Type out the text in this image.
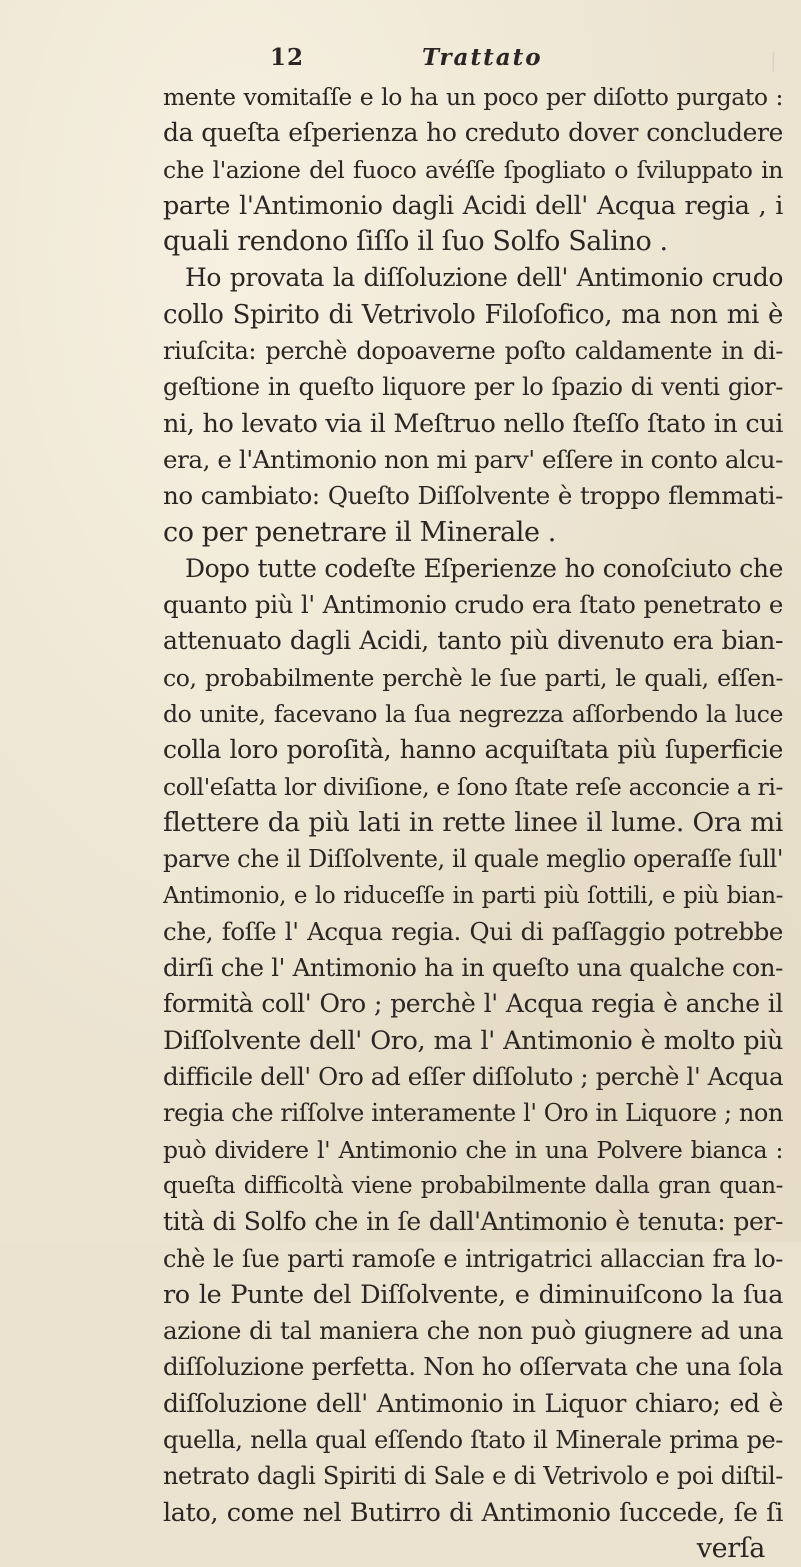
|
12	Trattato
mente vomitaſſe e lo ha un poco per diſotto purgato :
da queſta eſperienza ho creduto dover concludere
che l'azione del fuoco avéſſe ſpogliato o ſviluppato in
parte l'Antimonio dagli Acidi dell' Acqua regia , i
quali rendono ſiſſo il ſuo Solfo Salino .
Ho provata la diſſoluzione dell' Antimonio crudo
collo Spirito di Vetrivolo Filoſofico, ma non mi è
riuſcita: perchè dopoaverne poſto caldamente in di-
geſtione in queſto liquore per lo ſpazio di venti gior-
ni, ho levato via il Meſtruo nello ſteſſo ſtato in cui
era, e l'Antimonio non mi parv' eſſere in conto alcu-
no cambiato: Queſto Diſſolvente è troppo flemmati-
co per penetrare il Minerale .
Dopo tutte codeſte Eſperienze ho conoſciuto che
quanto più l' Antimonio crudo era ſtato penetrato e
attenuato dagli Acidi, tanto più divenuto era bian-
co, probabilmente perchè le ſue parti, le quali, eſſen-
do unite, facevano la ſua negrezza aſſorbendo la luce
colla loro poroſità, hanno acquiſtata più ſuperficie
coll'eſatta lor diviſione, e ſono ſtate reſe acconcie a ri-
flettere da più lati in rette linee il lume. Ora mi
parve che il Diſſolvente, il quale meglio operaſſe ſull'
Antimonio, e lo riduceſſe in parti più ſottili, e più bian-
che, foſſe l' Acqua regia. Qui di paſſaggio potrebbe
dirſi che l' Antimonio ha in queſto una qualche con-
formità coll' Oro ; perchè l' Acqua regia è anche il
Diſſolvente dell' Oro, ma l' Antimonio è molto più
difficile dell' Oro ad eſſer diſſoluto ; perchè l' Acqua
regia che riſſolve interamente l' Oro in Liquore ; non
può dividere l' Antimonio che in una Polvere bianca :
queſta difficoltà viene probabilmente dalla gran quan-
tità di Solfo che in ſe dall'Antimonio è tenuta: per-
chè le ſue parti ramoſe e intrigatrici allaccian fra lo-
ro le Punte del Diſſolvente, e diminuiſcono la ſua
azione di tal maniera che non può giugnere ad una
diſſoluzione perfetta. Non ho oſſervata che una ſola
diſſoluzione dell' Antimonio in Liquor chiaro; ed è
quella, nella qual eſſendo ſtato il Minerale prima pe-
netrato dagli Spiriti di Sale e di Vetrivolo e poi diſtil-
lato, come nel Butirro di Antimonio ſuccede, ſe ſi
verſa
